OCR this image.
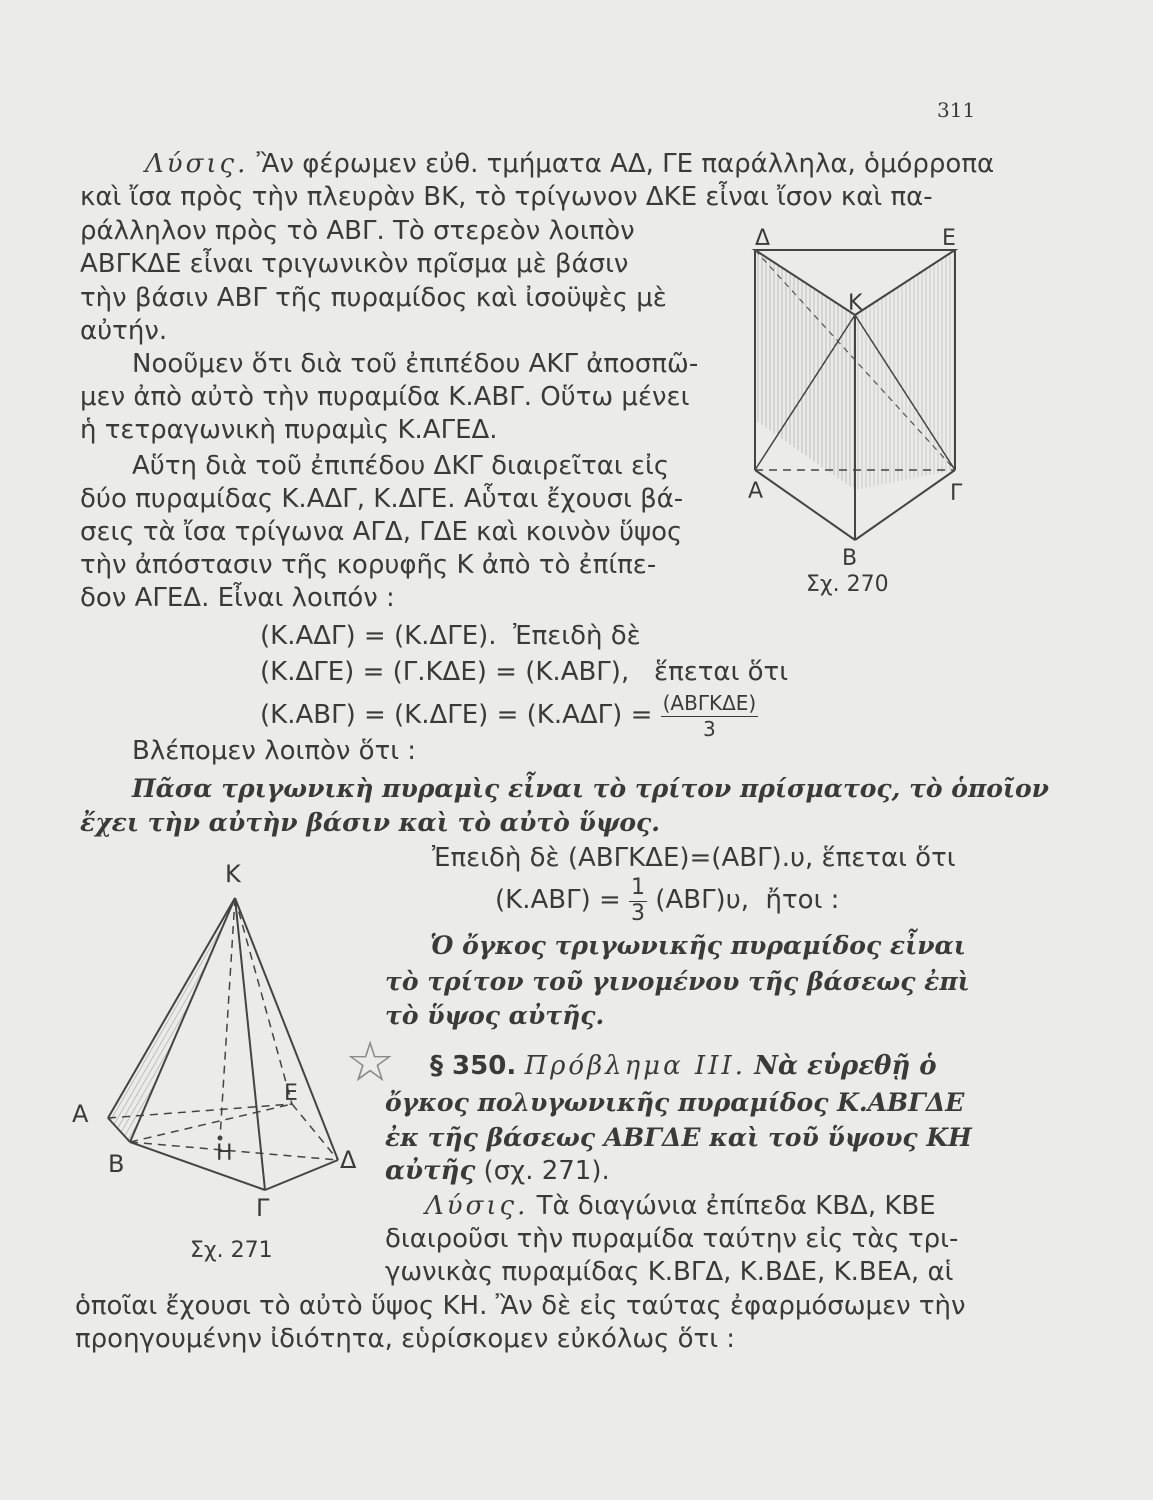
311
Λύσις. Ἂν φέρωμεν εὐθ. τμήματα ΑΔ, ΓΕ παράλληλα, ὁμόρροπα
καὶ ἴσα πρὸς τὴν πλευρὰν ΒΚ, τὸ τρίγωνον ΔΚΕ εἶναι ἴσον καὶ πα-
ράλληλον πρὸς τὸ ΑΒΓ. Τὸ στερεὸν λοιπὸν
ΑΒΓΚΔΕ εἶναι τριγωνικὸν πρῖσμα μὲ βάσιν
τὴν βάσιν ΑΒΓ τῆς πυραμίδος καὶ ἰσοϋψὲς μὲ
αὐτήν.
Νοοῦμεν ὅτι διὰ τοῦ ἐπιπέδου ΑΚΓ ἀποσπῶ-
μεν ἀπὸ αὐτὸ τὴν πυραμίδα Κ.ΑΒΓ. Οὕτω μένει
ἡ τετραγωνικὴ πυραμὶς Κ.ΑΓΕΔ.
Αὕτη διὰ τοῦ ἐπιπέδου ΔΚΓ διαιρεῖται εἰς
δύο πυραμίδας Κ.ΑΔΓ, Κ.ΔΓΕ. Αὗται ἔχουσι βά-
σεις τὰ ἴσα τρίγωνα ΑΓΔ, ΓΔΕ καὶ κοινὸν ὕψος
τὴν ἀπόστασιν τῆς κορυφῆς Κ ἀπὸ τὸ ἐπίπε-
δον ΑΓΕΔ. Εἶναι λοιπόν :
(Κ.ΑΔΓ) = (Κ.ΔΓΕ). Ἐπειδὴ δὲ
(Κ.ΔΓΕ) = (Γ.ΚΔΕ) = (Κ.ΑΒΓ), ἕπεται ὅτι
$(K.AB\Gamma) = (K.\Delta\Gamma E) = (K.A\Delta\Gamma) = \frac{\text{(ΑΒΓΚΔΕ)}}{3}$
Βλέπομεν λοιπὸν ὅτι :
Πᾶσα τριγωνικὴ πυραμὶς εἶναι τὸ τρίτον πρίσματος, τὸ ὁποῖον
ἔχει τὴν αὐτὴν βάσιν καὶ τὸ αὐτὸ ὕψος.
Ἐπειδὴ δὲ (ΑΒΓΚΔΕ)=(ΑΒΓ).υ, ἕπεται ὅτι
$(K.AB\Gamma) = \frac{1}{3} (AB\Gamma)\upsilon$, ἤτοι :
Ὁ ὄγκος τριγωνικῆς πυραμίδος εἶναι
τὸ τρίτον τοῦ γινομένου τῆς βάσεως ἐπὶ
τὸ ὕψος αὐτῆς.
☆ § 350. Πρόβλημα ΙΙΙ. Νὰ εὑρεθῇ ὁ
ὄγκος πολυγωνικῆς πυραμίδος Κ.ΑΒΓΔΕ
ἐκ τῆς βάσεως ΑΒΓΔΕ καὶ τοῦ ὕψους ΚΗ
αὐτῆς (σχ. 271).
Λύσις. Τὰ διαγώνια ἐπίπεδα ΚΒΔ, ΚΒΕ
διαιροῦσι τὴν πυραμίδα ταύτην εἰς τὰς τρι-
γωνικὰς πυραμίδας Κ.ΒΓΔ, Κ.ΒΔΕ, Κ.ΒΕΑ, αἱ
ὁποῖαι ἔχουσι τὸ αὐτὸ ὕψος ΚΗ. Ἂν δὲ εἰς ταύτας ἐφαρμόσωμεν τὴν
προηγουμένην ἰδιότητα, εὑρίσκομεν εὐκόλως ὅτι :
Δ	Ε
Κ
Α	Γ
Β
Σχ. 270
Κ
Α
Ε
Η
Β	Δ
Γ
Σχ. 271
